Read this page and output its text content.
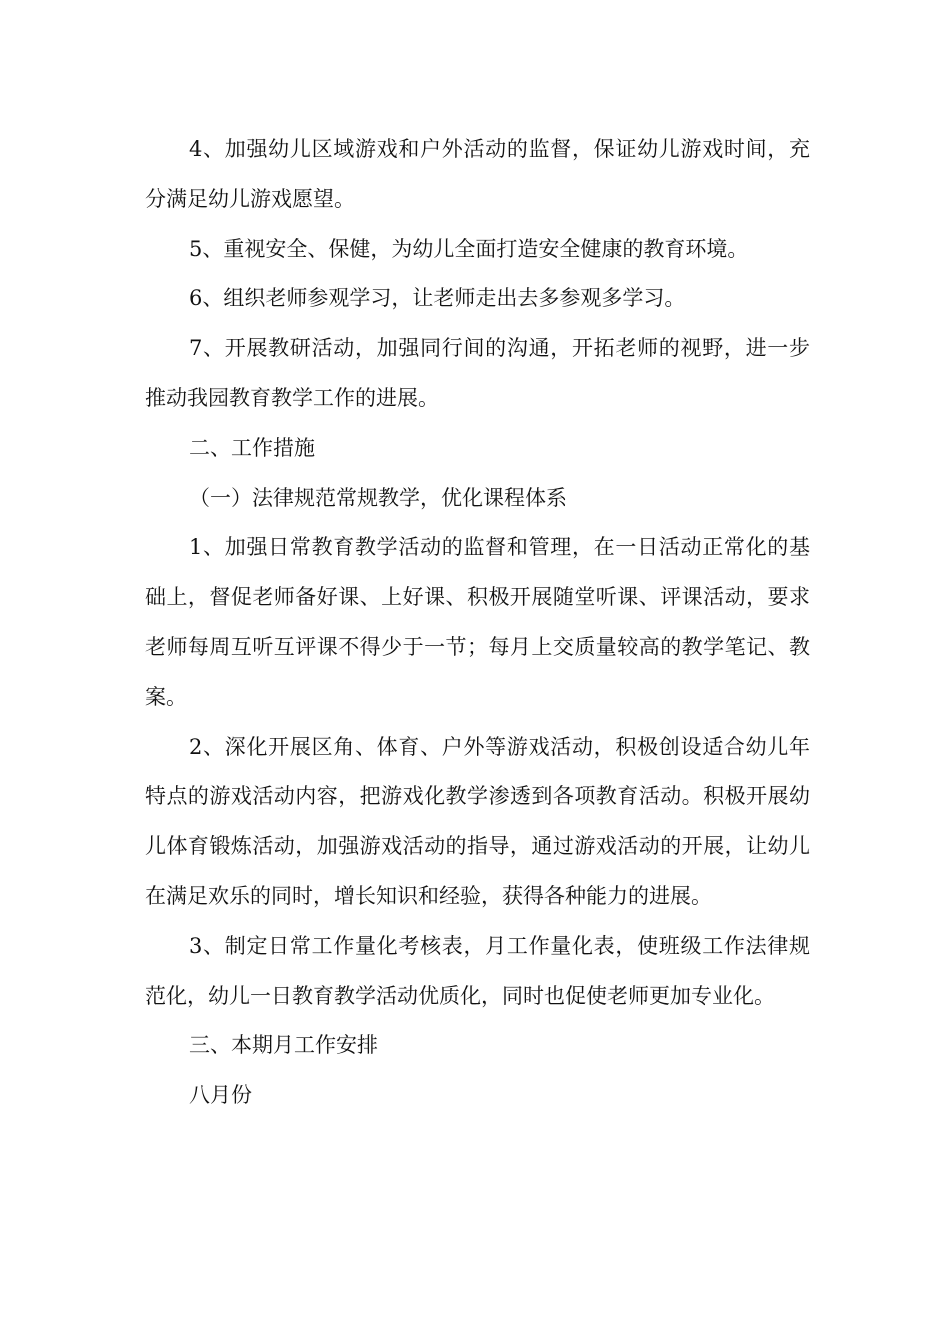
4、加强幼儿区域游戏和户外活动的监督，保证幼儿游戏时间，充分满足幼儿游戏愿望。

5、重视安全、保健，为幼儿全面打造安全健康的教育环境。

6、组织老师参观学习，让老师走出去多参观多学习。

7、开展教研活动，加强同行间的沟通，开拓老师的视野，进一步推动我园教育教学工作的进展。

二、工作措施

（一）法律规范常规教学，优化课程体系

1、加强日常教育教学活动的监督和管理，在一日活动正常化的基础上，督促老师备好课、上好课、积极开展随堂听课、评课活动，要求老师每周互听互评课不得少于一节；每月上交质量较高的教学笔记、教案。

2、深化开展区角、体育、户外等游戏活动，积极创设适合幼儿年特点的游戏活动内容，把游戏化教学渗透到各项教育活动。积极开展幼儿体育锻炼活动，加强游戏活动的指导，通过游戏活动的开展，让幼儿在满足欢乐的同时，增长知识和经验，获得各种能力的进展。

3、制定日常工作量化考核表，月工作量化表，使班级工作法律规范化，幼儿一日教育教学活动优质化，同时也促使老师更加专业化。

三、本期月工作安排

八月份
